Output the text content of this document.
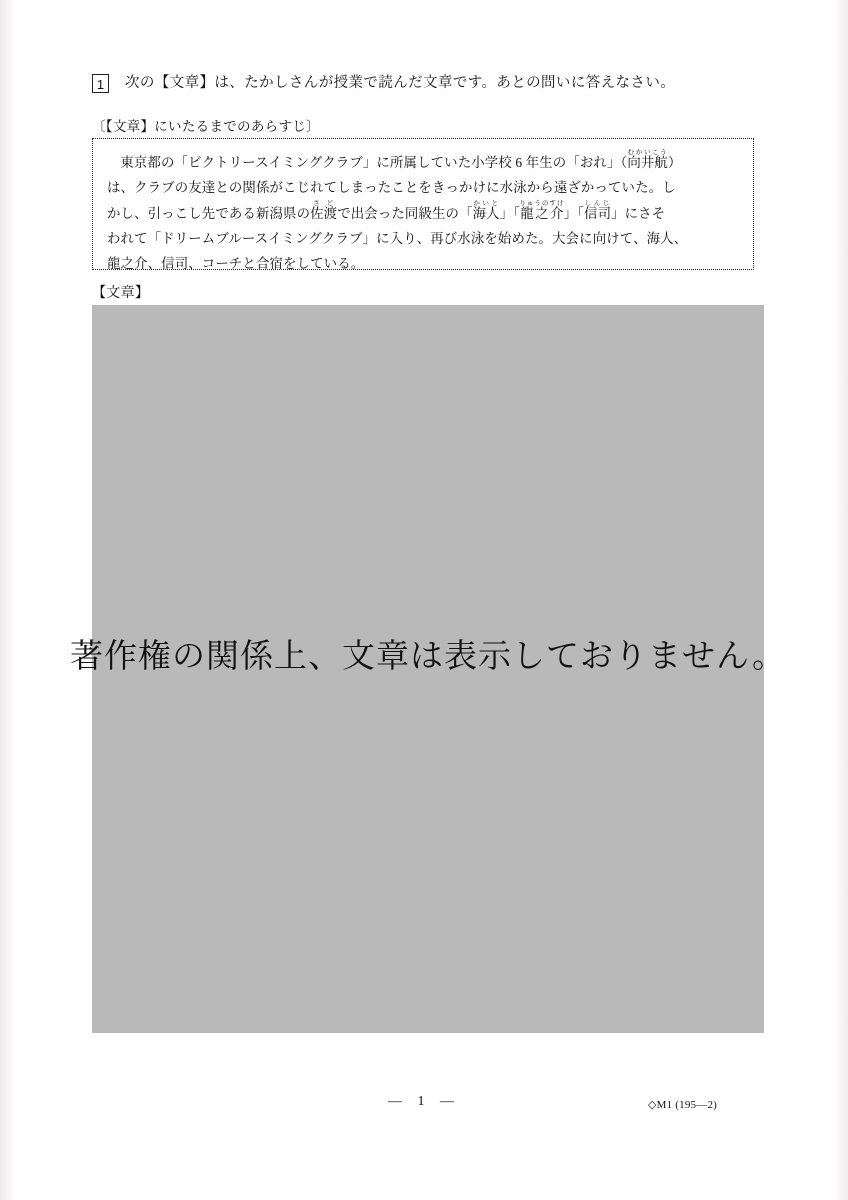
1	次の【文章】は、たかしさんが授業で読んだ文章です。あとの問いに答えなさい。
〔【文章】にいたるまでのあらすじ〕

東京都の「ビクトリースイミングクラブ」に所属していた小学校 6 年生の「おれ」（向井航むかいこう）

は、クラブの友達との関係がこじれてしまったことをきっかけに水泳から遠ざかっていた。し

かし、引っこし先である新潟県の佐渡さどで出会った同級生の「海人かいと」「龍之介りゅうのすけ」「信司しんじ」にさそ

われて「ドリームブルースイミングクラブ」に入り、再び水泳を始めた。大会に向けて、海人、

龍之介、信司、コーチと合宿をしている。

【文章】
著作権の関係上、文章は表示しておりません。
— 1 —	◇M1 (195—2)
